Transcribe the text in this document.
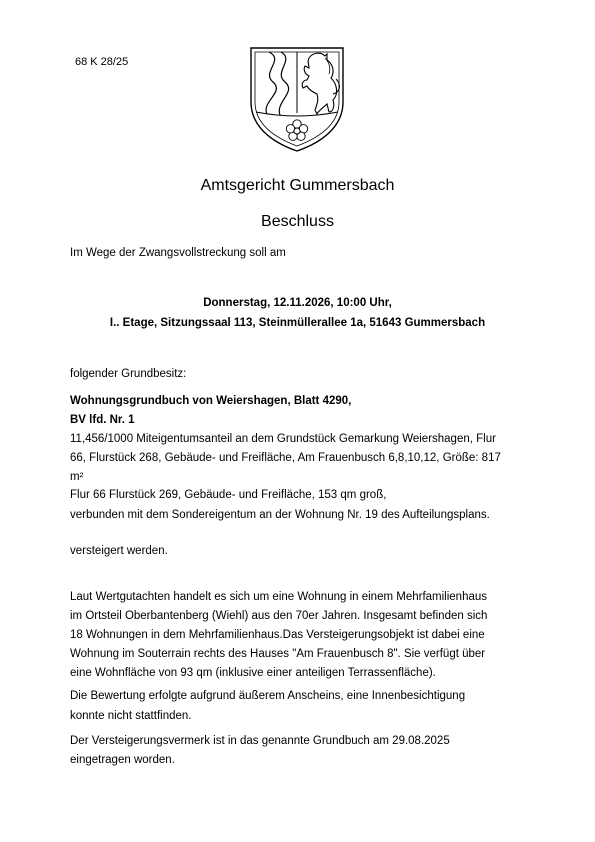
68 K 28/25
Amtsgericht Gummersbach
Beschluss
Im Wege der Zwangsvollstreckung soll am
Donnerstag, 12.11.2026, 10:00 Uhr,
I.. Etage, Sitzungssaal 113, Steinmüllerallee 1a, 51643 Gummersbach
folgender Grundbesitz:
Wohnungsgrundbuch von Weiershagen, Blatt 4290,
BV lfd. Nr. 1
11,456/1000 Miteigentumsanteil an dem Grundstück Gemarkung Weiershagen, Flur
66, Flurstück 268, Gebäude- und Freifläche, Am Frauenbusch 6,8,10,12, Größe: 817
m²
Flur 66 Flurstück 269, Gebäude- und Freifläche, 153 qm groß,
verbunden mit dem Sondereigentum an der Wohnung Nr. 19 des Aufteilungsplans.
versteigert werden.
Laut Wertgutachten handelt es sich um eine Wohnung in einem Mehrfamilienhaus
im Ortsteil Oberbantenberg (Wiehl) aus den 70er Jahren. Insgesamt befinden sich
18 Wohnungen in dem Mehrfamilienhaus.Das Versteigerungsobjekt ist dabei eine
Wohnung im Souterrain rechts des Hauses "Am Frauenbusch 8". Sie verfügt über
eine Wohnfläche von 93 qm (inklusive einer anteiligen Terrassenfläche).
Die Bewertung erfolgte aufgrund äußerem Anscheins, eine Innenbesichtigung
konnte nicht stattfinden.
Der Versteigerungsvermerk ist in das genannte Grundbuch am 29.08.2025
eingetragen worden.
